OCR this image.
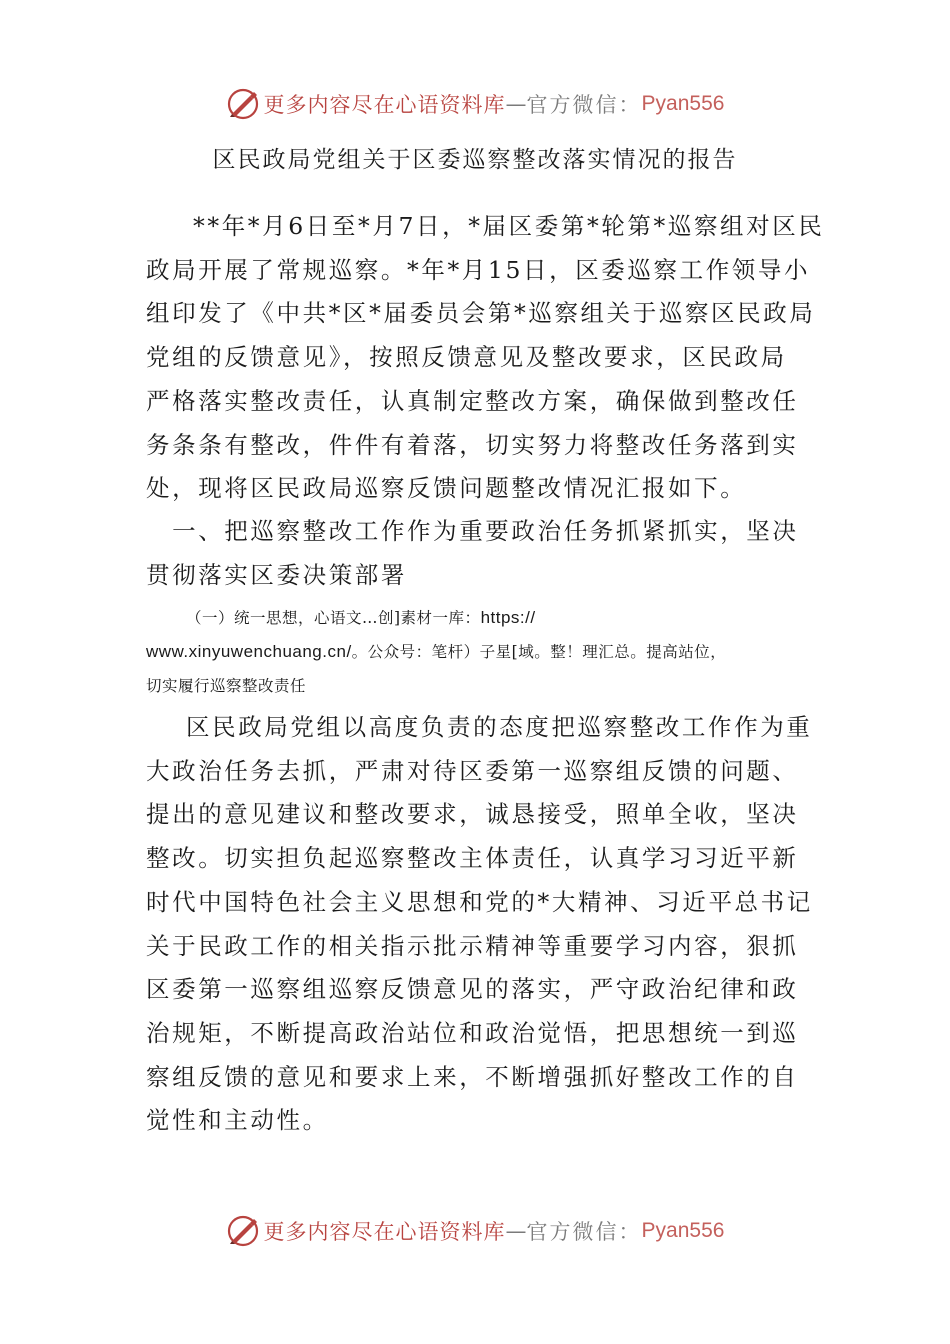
更多内容尽在心语资料库 — 官方微信： Pyan556
区民政局党组关于区委巡察整改落实情况的报告

**年*月6日至*月7日，*届区委第*轮第*巡察组对区民
政局开展了常规巡察。*年*月15日，区委巡察工作领导小
组印发了《中共*区*届委员会第*巡察组关于巡察区民政局
党组的反馈意见》，按照反馈意见及整改要求，区民政局
严格落实整改责任，认真制定整改方案，确保做到整改任
务条条有整改，件件有着落，切实努力将整改任务落到实
处，现将区民政局巡察反馈问题整改情况汇报如下。

　一、把巡察整改工作作为重要政治任务抓紧抓实，坚决
贯彻落实区委决策部署

（一）统一思想，心语文…创]素材一库：https://
www.xinyuwenchuang.cn/。公众号：笔杆）子星[域。整！理汇总。提高站位，
切实履行巡察整改责任

区民政局党组以高度负责的态度把巡察整改工作作为重
大政治任务去抓，严肃对待区委第一巡察组反馈的问题、
提出的意见建议和整改要求，诚恳接受，照单全收，坚决
整改。切实担负起巡察整改主体责任，认真学习习近平新
时代中国特色社会主义思想和党的*大精神、习近平总书记
关于民政工作的相关指示批示精神等重要学习内容，狠抓
区委第一巡察组巡察反馈意见的落实，严守政治纪律和政
治规矩，不断提高政治站位和政治觉悟，把思想统一到巡
察组反馈的意见和要求上来，不断增强抓好整改工作的自
觉性和主动性。

更多内容尽在心语资料库 — 官方微信： Pyan556
